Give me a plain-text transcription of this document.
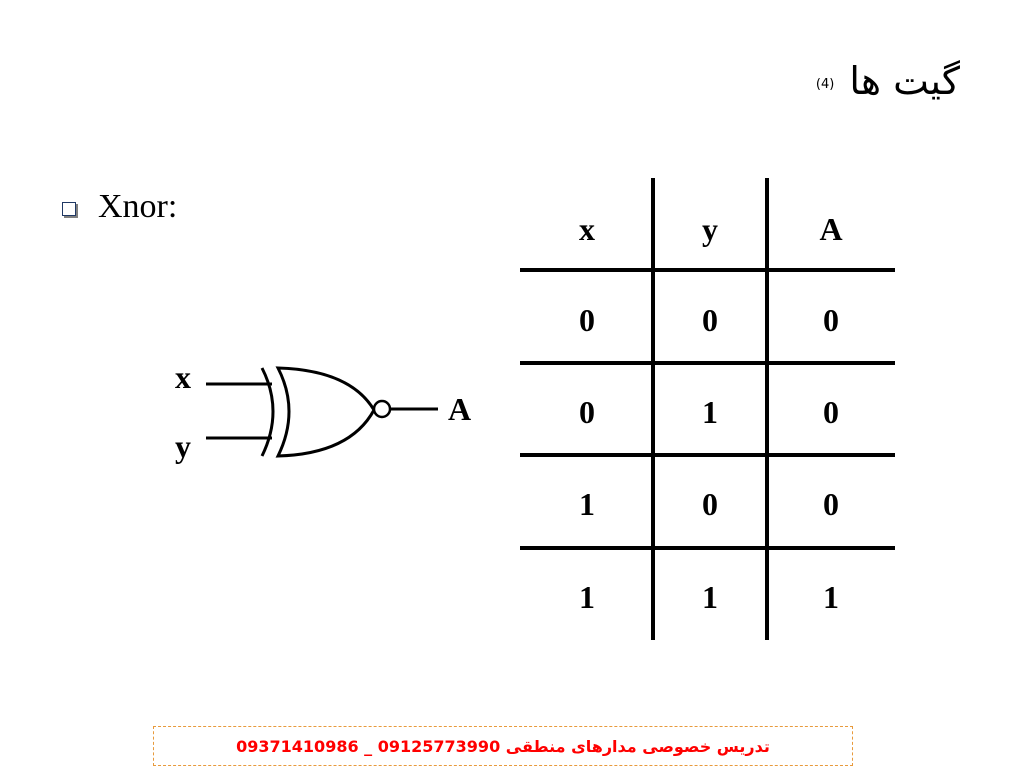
گیت ها $^{(4)}$
Xnor:
x
y
A
x	y	A
0	0	0
0	1	0
1	0	0
1	1	1
تدریس خصوصی مدارهای منطقی 09125773990 _ 09371410986
